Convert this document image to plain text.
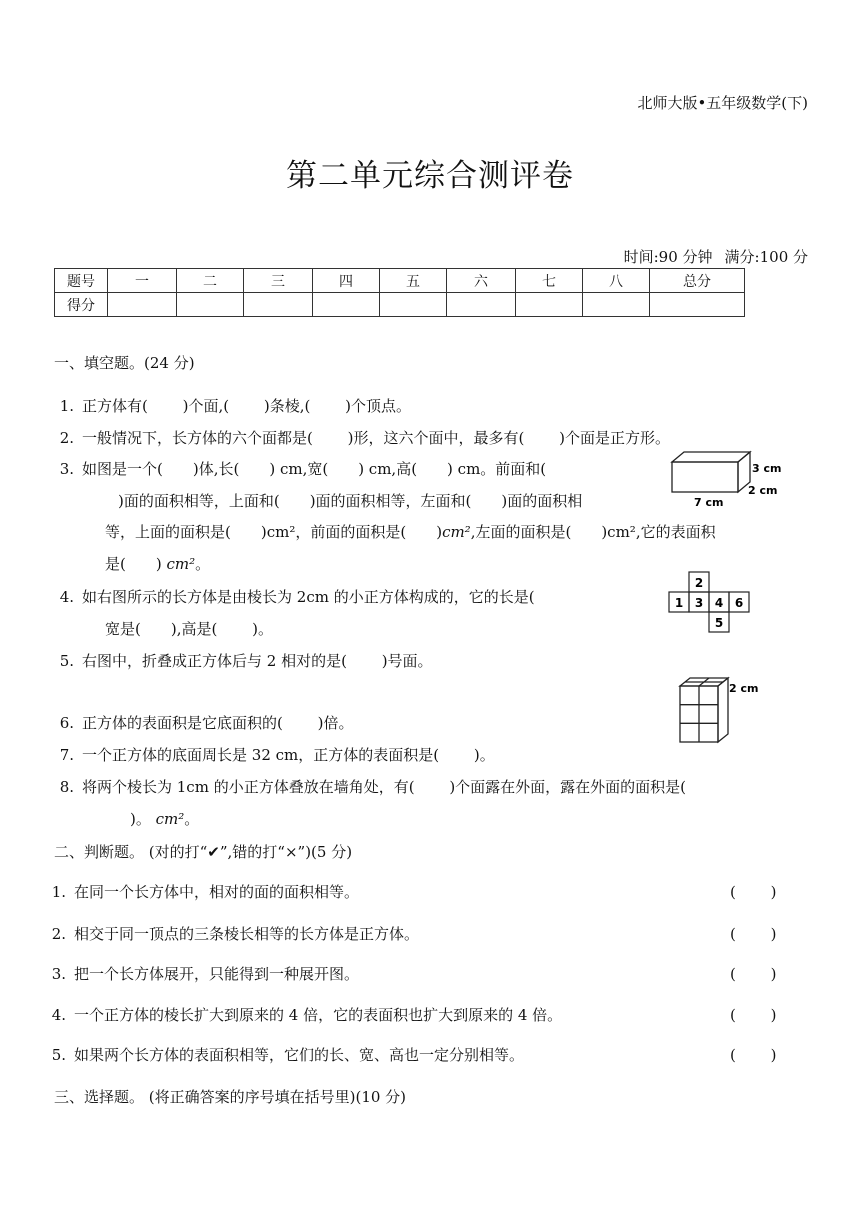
北师大版•五年级数学(下)
第二单元综合测评卷
时间:90 分钟 满分:100 分
题号	一	二	三	四	五	六	七	八	总分
得分									
一、填空题。(24 分)
1. 正方体有(　　 )个面,(　　 )条棱,(　　 )个顶点。
2. 一般情况下，长方体的六个面都是(　　 )形，这六个面中，最多有(　　 )个面是正方形。
3. 如图是一个(　　)体,长(　　) cm,宽(　　) cm,高(　　) cm。前面和(
)面的面积相等，上面和(　　)面的面积相等，左面和(　　)面的面积相
等，上面的面积是(　　)cm²，前面的面积是(　　)cm²,左面的面积是(　　)cm²,它的表面积
是(　　) cm²。
4. 如右图所示的长方体是由棱长为 2cm 的小正方体构成的，它的长是(
宽是(　　),高是(　　 )。
5. 右图中，折叠成正方体后与 2 相对的是(　　 )号面。
6. 正方体的表面积是它底面积的(　　 )倍。
7. 一个正方体的底面周长是 32 cm，正方体的表面积是(　　 )。
8. 将两个棱长为 1cm 的小正方体叠放在墙角处，有(　　 )个面露在外面，露在外面的面积是(
)。 cm²。
3 cm
2 cm
7 cm
2
1 3 4 6
5
2 cm
二、判断题。 (对的打“✔”,错的打“×”)(5 分)
1. 在同一个长方体中，相对的面的面积相等。	(　　 )
2. 相交于同一顶点的三条棱长相等的长方体是正方体。	(　　 )
3. 把一个长方体展开，只能得到一种展开图。	(　　 )
4. 一个正方体的棱长扩大到原来的 4 倍，它的表面积也扩大到原来的 4 倍。	(　　 )
5. 如果两个长方体的表面积相等，它们的长、宽、高也一定分别相等。	(　　 )
三、选择题。 (将正确答案的序号填在括号里)(10 分)
